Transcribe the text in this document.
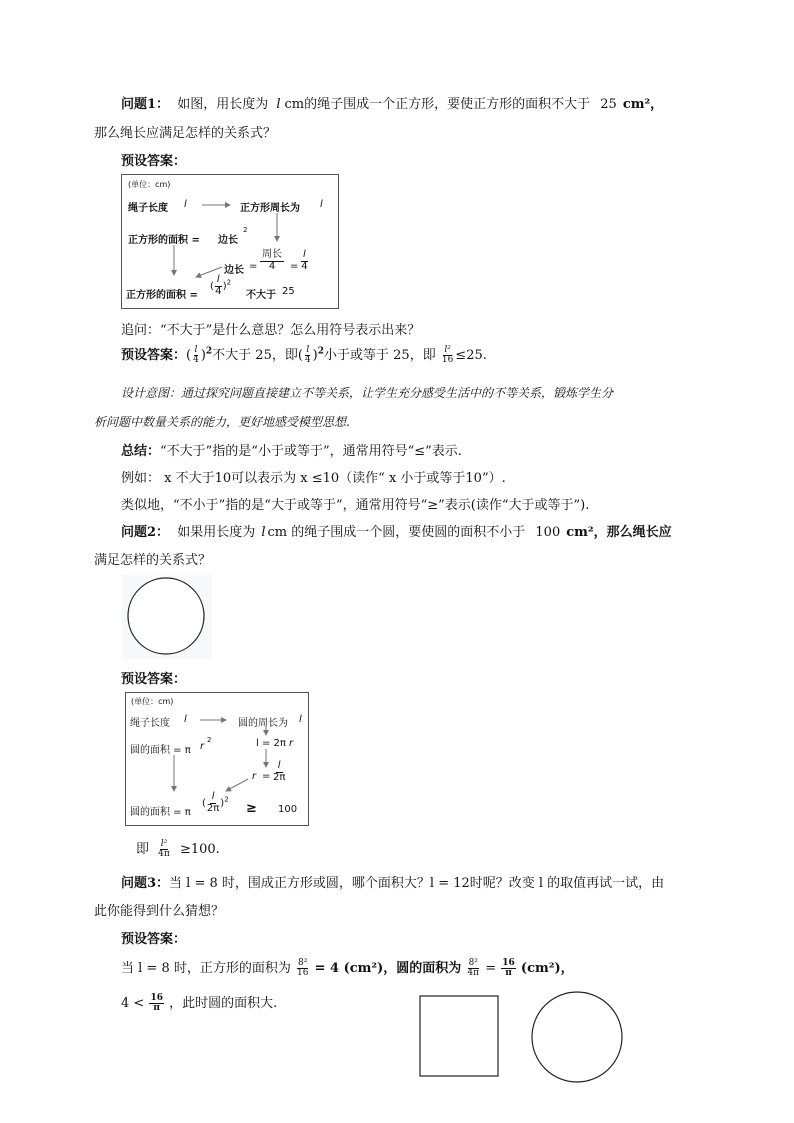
问题1： 如图，用长度为 l cm的绳子围成一个正方形，要使正方形的面积不大于 25 cm²，
那么绳长应满足怎样的关系式？
预设答案：
(单位：cm)
绳子长度 l	正方形周长为 l
正方形的面积 = 边长
2
边长 =
周长
$4 = \frac{l}{4}$
正方形的面积 =
( $\frac{l}{4} )^2$
不大于 25
追问：“不大于”是什么意思？怎么用符号表示出来？
预设答案：( $\frac{l}{4} )^2$不大于 25，即( $\frac{l}{4} )^2$小于或等于 25，即 $\frac{\text{l²}}{16} \le 25$.
设计意图：通过探究问题直接建立不等关系，让学生充分感受生活中的不等关系，锻炼学生分
析问题中数量关系的能力，更好地感受模型思想.
总结：“不大于”指的是“小于或等于”，通常用符号“≤”表示.
例如： x 不大于10可以表示为 x ≤10（读作“ x 小于或等于10”）.
类似地，“不小于”指的是“大于或等于”，通常用符号“≥”表示(读作“大于或等于”).
问题2： 如果用长度为 l cm 的绳子围成一个圆，要使圆的面积不小于 100 cm²，那么绳长应
满足怎样的关系式？
预设答案：
(单位：cm)
绳子长度 l	圆的周长为 l
圆的面积 = π r
2	l = 2π r
$r = \frac{l}{2\pi}$
圆的面积 = π
( $\frac{l}{2\pi} )^2$
≥ 100
即 $\frac{\text{l²}}{4\pi} \ge 100$.
问题3：当 l = 8 时，围成正方形或圆，哪个面积大？l = 12时呢？改变 l 的取值再试一试，由
此你能得到什么猜想？
预设答案：
当 l = 8 时，正方形的面积为 $\frac{\text{8²}}{16} = 4$ (cm²)，圆的面积为 $\frac{\text{8²}}{4\pi} = \frac{16}{\pi} (cm^2)$，
$4 < \frac{16}{\pi}$ ，此时圆的面积大.
